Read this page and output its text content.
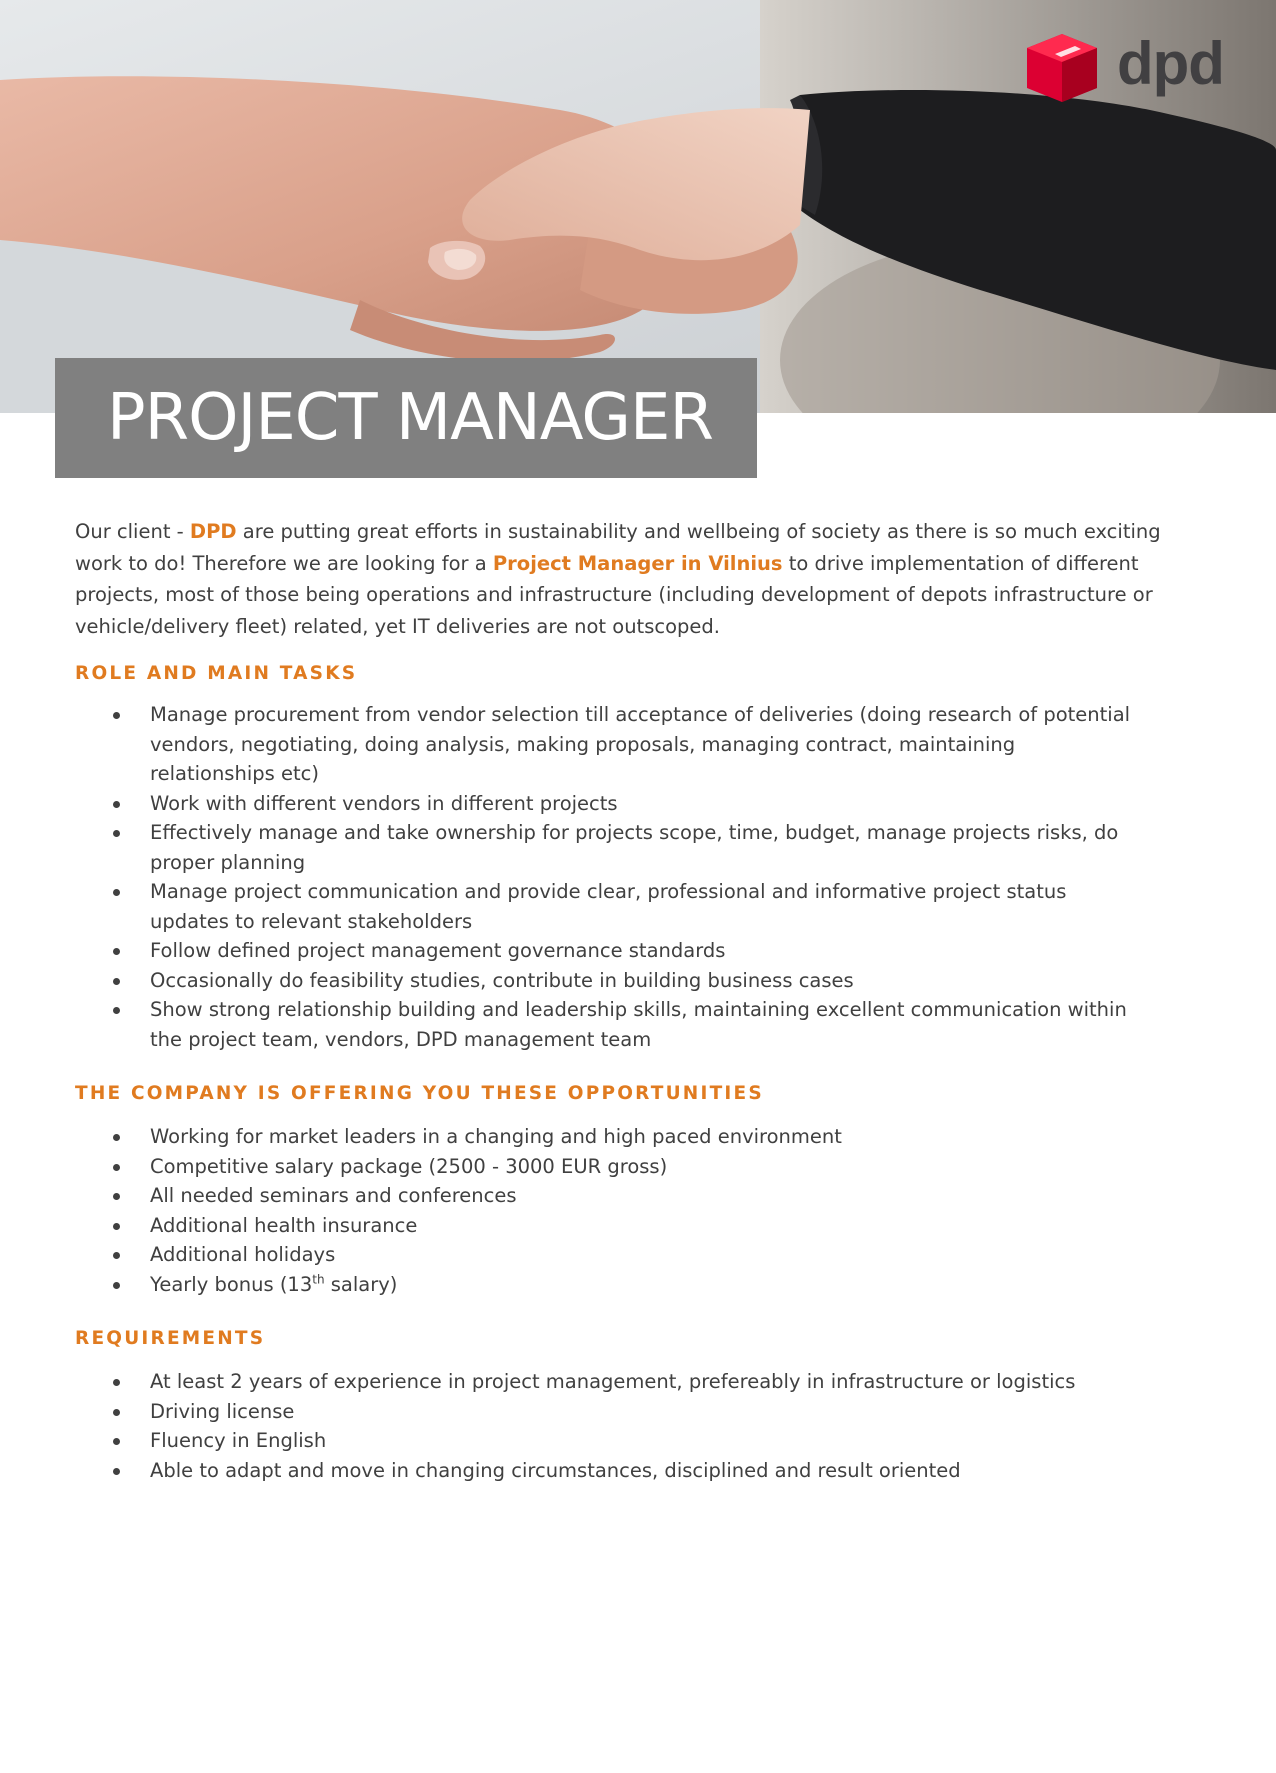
dpd
PROJECT MANAGER

Our client - DPD are putting great efforts in sustainability and wellbeing of society as there is so much exciting work to do! Therefore we are looking for a Project Manager in Vilnius to drive implementation of different projects, most of those being operations and infrastructure (including development of depots infrastructure or vehicle/delivery fleet) related, yet IT deliveries are not outscoped.

ROLE AND MAIN TASKS
Manage procurement from vendor selection till acceptance of deliveries (doing research of potential vendors, negotiating, doing analysis, making proposals, managing contract, maintaining relationships etc)
Work with different vendors in different projects
Effectively manage and take ownership for projects scope, time, budget, manage projects risks, do proper planning
Manage project communication and provide clear, professional and informative project status updates to relevant stakeholders
Follow defined project management governance standards
Occasionally do feasibility studies, contribute in building business cases
Show strong relationship building and leadership skills, maintaining excellent communication within the project team, vendors, DPD management team
THE COMPANY IS OFFERING YOU THESE OPPORTUNITIES
Working for market leaders in a changing and high paced environment
Competitive salary package (2500 - 3000 EUR gross)
All needed seminars and conferences
Additional health insurance
Additional holidays
Yearly bonus (13th salary)
REQUIREMENTS
At least 2 years of experience in project management, prefereably in infrastructure or logistics
Driving license
Fluency in English
Able to adapt and move in changing circumstances, disciplined and result oriented
